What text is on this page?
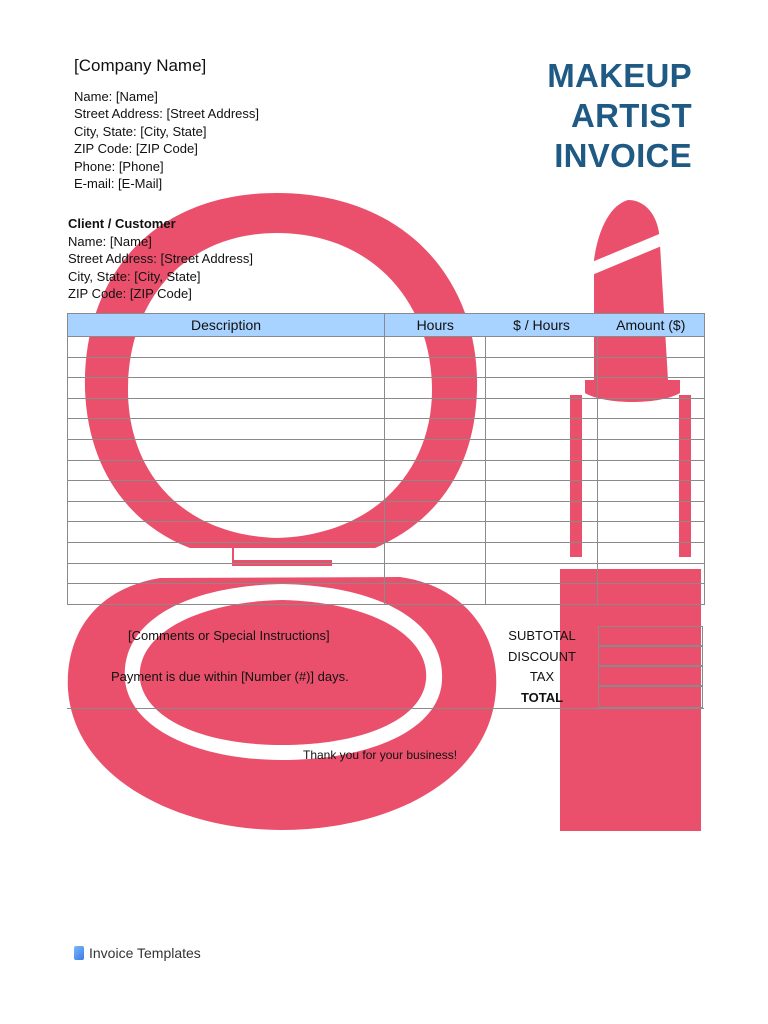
[Company Name]
Name: [Name]
Street Address: [Street Address]
City, State: [City, State]
ZIP Code: [ZIP Code]
Phone: [Phone]
E-mail: [E-Mail]
MAKEUP
ARTIST
INVOICE
Client / Customer
Name: [Name]
Street Address: [Street Address]
City, State: [City, State]
ZIP Code: [ZIP Code]
Description	Hours	$ / Hours	Amount ($)

[Comments or Special Instructions]
Payment is due within [Number (#)] days.
Thank you for your business!
SUBTOTAL
DISCOUNT
TAX
TOTAL
Invoice Templates
